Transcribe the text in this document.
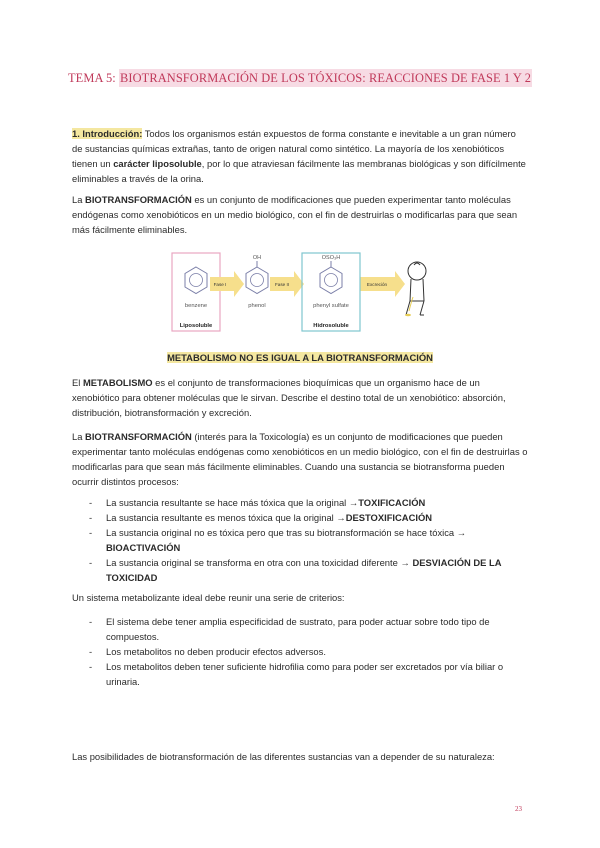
TEMA 5: BIOTRANSFORMACIÓN DE LOS TÓXICOS: REACCIONES DE FASE 1 Y 2
1. Introducción: Todos los organismos están expuestos de forma constante e inevitable a un gran número de sustancias químicas extrañas, tanto de origen natural como sintético. La mayoría de los xenobióticos tienen un carácter liposoluble, por lo que atraviesan fácilmente las membranas biológicas y son difícilmente eliminables a través de la orina.
La BIOTRANSFORMACIÓN es un conjunto de modificaciones que pueden experimentar tanto moléculas endógenas como xenobióticos en un medio biológico, con el fin de destruirlas o modificarlas para que sean más fácilmente eliminables.
OH	OSO₃H
Fase I	Fase II	Excreción
benzene	phenol	phenyl sulfate
Liposoluble	Hidrosoluble
METABOLISMO NO ES IGUAL A LA BIOTRANSFORMACIÓN
El METABOLISMO es el conjunto de transformaciones bioquímicas que un organismo hace de un xenobiótico para obtener moléculas que le sirvan. Describe el destino total de un xenobiótico: absorción, distribución, biotransformación y excreción.
La BIOTRANSFORMACIÓN (interés para la Toxicología) es un conjunto de modificaciones que pueden experimentar tanto moléculas endógenas como xenobióticos en un medio biológico, con el fin de destruirlas o modificarlas para que sean más fácilmente eliminables. Cuando una sustancia se biotransforma pueden ocurrir distintos procesos:
- La sustancia resultante se hace más tóxica que la original →TOXIFICACIÓN
- La sustancia resultante es menos tóxica que la original →DESTOXIFICACIÓN
- La sustancia original no es tóxica pero que tras su biotransformación se hace tóxica → BIOACTIVACIÓN
- La sustancia original se transforma en otra con una toxicidad diferente → DESVIACIÓN DE LA TOXICIDAD
Un sistema metabolizante ideal debe reunir una serie de criterios:
- El sistema debe tener amplia especificidad de sustrato, para poder actuar sobre todo tipo de compuestos.
- Los metabolitos no deben producir efectos adversos.
- Los metabolitos deben tener suficiente hidrofilia como para poder ser excretados por vía biliar o urinaria.
Las posibilidades de biotransformación de las diferentes sustancias van a depender de su naturaleza:
23
